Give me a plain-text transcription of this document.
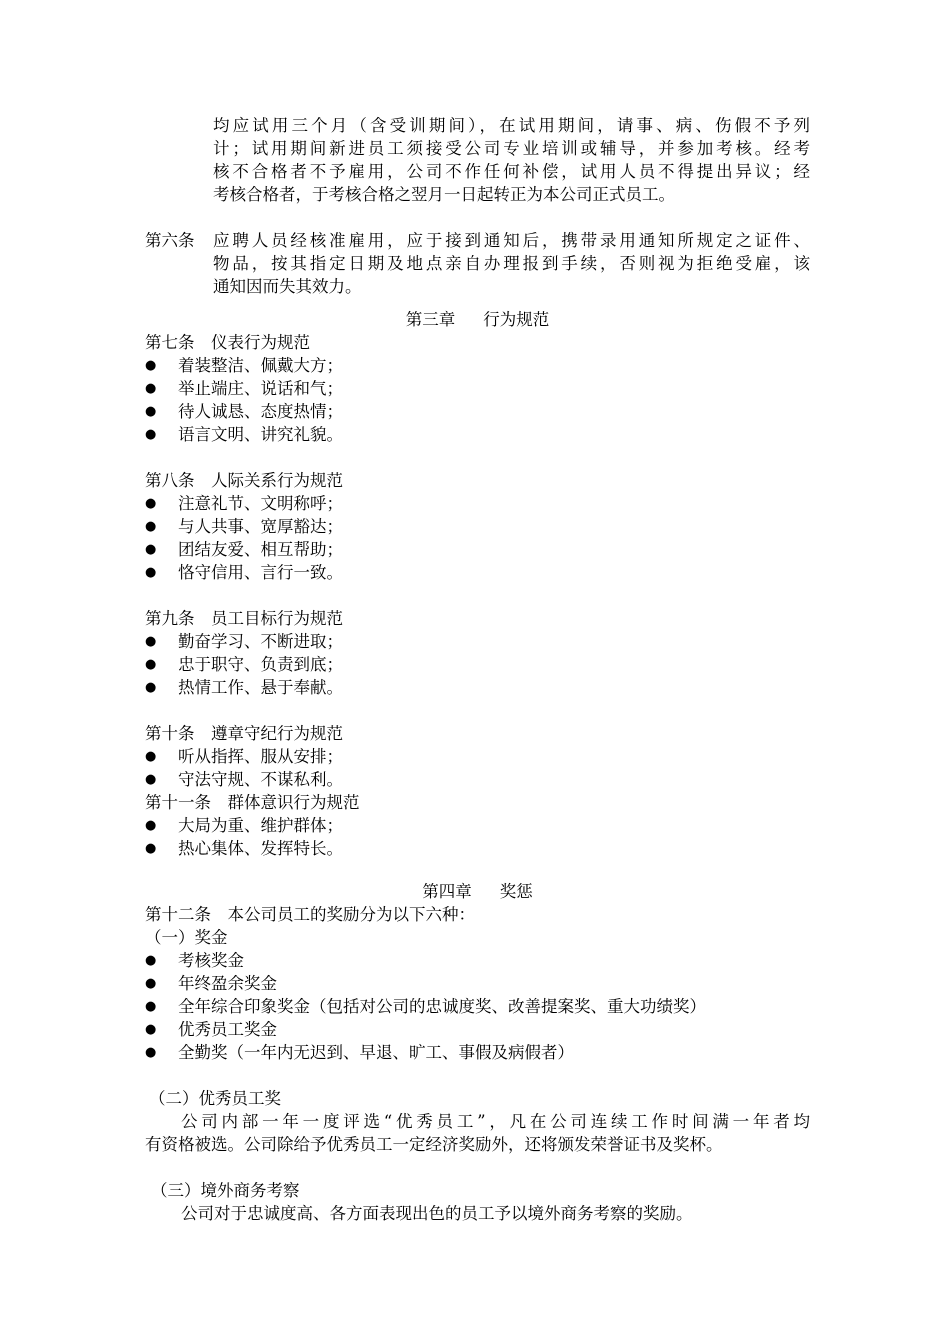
均应试用三个月（含受训期间），在试用期间，请事、病、伤假不予列
计；试用期间新进员工须接受公司专业培训或辅导，并参加考核。经考
核不合格者不予雇用，公司不作任何补偿，试用人员不得提出异议；经
考核合格者，于考核合格之翌月一日起转正为本公司正式员工。
第六条	应聘人员经核准雇用，应于接到通知后，携带录用通知所规定之证件、
物品，按其指定日期及地点亲自办理报到手续，否则视为拒绝受雇，该
通知因而失其效力。
第三章 行为规范
第七条　仪表行为规范
●	着装整洁、佩戴大方；
●	举止端庄、说话和气；
●	待人诚恳、态度热情；
●	语言文明、讲究礼貌。
第八条　人际关系行为规范
●	注意礼节、文明称呼；
●	与人共事、宽厚豁达；
●	团结友爱、相互帮助；
●	恪守信用、言行一致。
第九条　员工目标行为规范
●	勤奋学习、不断进取；
●	忠于职守、负责到底；
●	热情工作、悬于奉献。
第十条　遵章守纪行为规范
●	听从指挥、服从安排；
●	守法守规、不谋私利。
第十一条　群体意识行为规范
●	大局为重、维护群体；
●	热心集体、发挥特长。
第四章 奖惩
第十二条　本公司员工的奖励分为以下六种：
（一）奖金
●	考核奖金
●	年终盈余奖金
●	全年综合印象奖金（包括对公司的忠诚度奖、改善提案奖、重大功绩奖）
●	优秀员工奖金
●	全勤奖（一年内无迟到、早退、旷工、事假及病假者）
（二）优秀员工奖
公司内部一年一度评选“优秀员工”，凡在公司连续工作时间满一年者均
有资格被选。公司除给予优秀员工一定经济奖励外，还将颁发荣誉证书及奖杯。
（三）境外商务考察
公司对于忠诚度高、各方面表现出色的员工予以境外商务考察的奖励。
